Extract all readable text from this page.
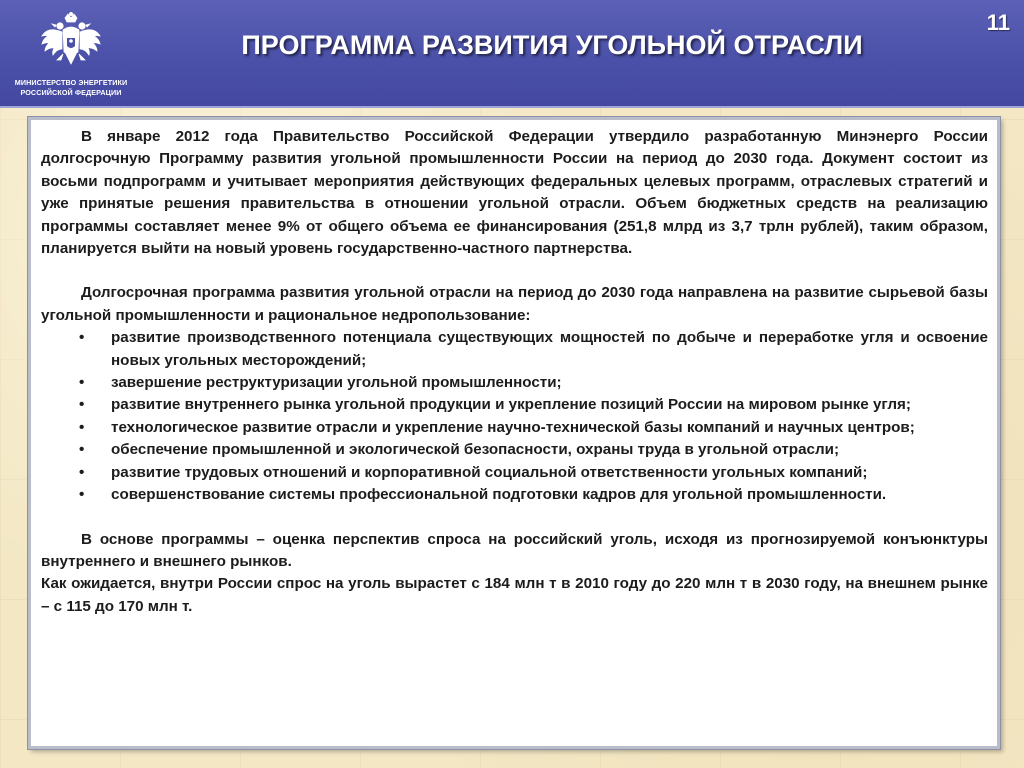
МИНИСТЕРСТВО ЭНЕРГЕТИКИ
РОССИЙСКОЙ ФЕДЕРАЦИИ
ПРОГРАММА РАЗВИТИЯ УГОЛЬНОЙ ОТРАСЛИ
11

В январе 2012 года Правительство Российской Федерации утвердило разработанную Минэнерго России долгосрочную Программу развития угольной промышленности России на период до 2030 года. Документ состоит из восьми подпрограмм и учитывает мероприятия действующих федеральных целевых программ, отраслевых стратегий и уже принятые решения правительства в отношении угольной отрасли. Объем бюджетных средств на реализацию программы составляет менее 9% от общего объема ее финансирования (251,8 млрд из 3,7 трлн рублей), таким образом, планируется выйти на новый уровень государственно-частного партнерства.

Долгосрочная программа развития угольной отрасли на период до 2030 года направлена на развитие сырьевой базы угольной промышленности и рациональное недропользование:

• развитие производственного потенциала существующих мощностей по добыче и переработке угля и освоение новых угольных месторождений;
• завершение реструктуризации угольной промышленности;
• развитие внутреннего рынка угольной продукции и укрепление позиций России на мировом рынке угля;
• технологическое развитие отрасли и укрепление научно-технической базы компаний и научных центров;
• обеспечение промышленной и экологической безопасности, охраны труда в угольной отрасли;
• развитие трудовых отношений и корпоративной социальной ответственности угольных компаний;
• совершенствование системы профессиональной подготовки кадров для угольной промышленности.

В основе программы – оценка перспектив спроса на российский уголь, исходя из прогнозируемой конъюнктуры внутреннего и внешнего рынков.

Как ожидается, внутри России спрос на уголь вырастет с 184 млн т в 2010 году до 220 млн т в 2030 году, на внешнем рынке – с 115 до 170 млн т.
